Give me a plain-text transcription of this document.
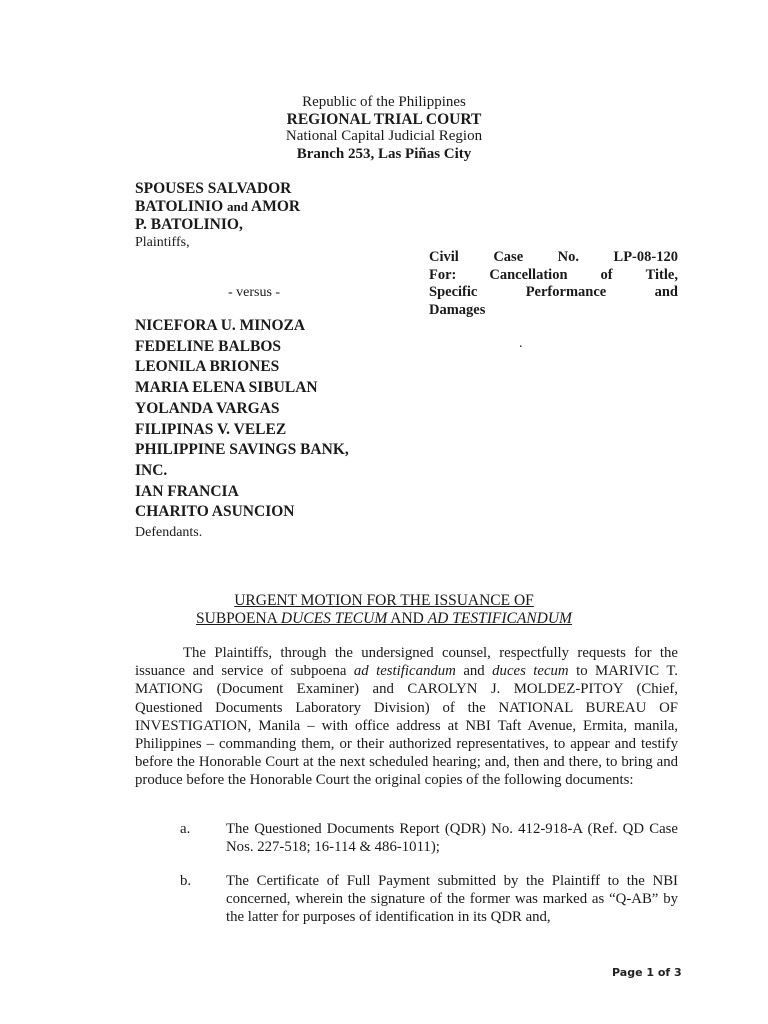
Republic of the Philippines
REGIONAL TRIAL COURT
National Capital Judicial Region
Branch 253, Las Piñas City
SPOUSES SALVADOR
BATOLINIO and AMOR
P. BATOLINIO,
Plaintiffs,
Civil Case No. LP-08-120
For: Cancellation of Title,
Specific	Performance	and
Damages
.
- versus -
NICEFORA U. MINOZA
FEDELINE BALBOS
LEONILA BRIONES
MARIA ELENA SIBULAN
YOLANDA VARGAS
FILIPINAS V. VELEZ
PHILIPPINE SAVINGS BANK,
INC.
IAN FRANCIA
CHARITO ASUNCION
Defendants.
URGENT MOTION FOR THE ISSUANCE OF
SUBPOENA DUCES TECUM AND AD TESTIFICANDUM
The Plaintiffs, through the undersigned counsel, respectfully requests for the issuance and service of subpoena ad testificandum and duces tecum to MARIVIC T. MATIONG (Document Examiner) and CAROLYN J. MOLDEZ-PITOY (Chief, Questioned Documents Laboratory Division) of the NATIONAL BUREAU OF INVESTIGATION, Manila – with office address at NBI Taft Avenue, Ermita, manila, Philippines – commanding them, or their authorized representatives, to appear and testify before the Honorable Court at the next scheduled hearing; and, then and there, to bring and produce before the Honorable Court the original copies of the following documents:
a. The Questioned Documents Report (QDR) No. 412-918-A (Ref. QD Case Nos. 227-518; 16-114 & 486-1011);
b. The Certificate of Full Payment submitted by the Plaintiff to the NBI concerned, wherein the signature of the former was marked as “Q-AB” by the latter for purposes of identification in its QDR and,
Page 1 of 3
